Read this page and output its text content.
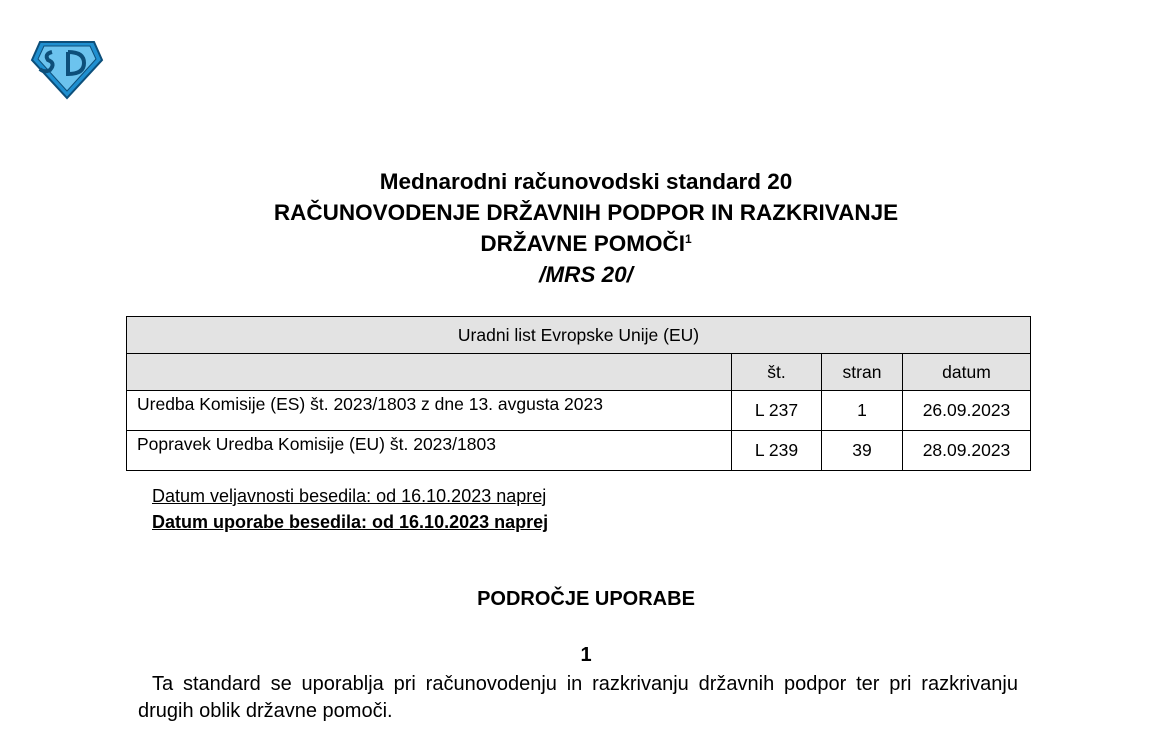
Mednarodni računovodski standard 20
RAČUNOVODENJE DRŽAVNIH PODPOR IN RAZKRIVANJE
DRŽAVNE POMOČI$^1$
/MRS 20/
Uradni list Evropske Unije (EU)			
	št.	stran	datum
Uredba Komisije (ES) št. 2023/1803 z dne 13. avgusta 2023	L 237	1	26.09.2023
Popravek Uredba Komisije (EU) št. 2023/1803	L 239	39	28.09.2023
Datum veljavnosti besedila: od 16.10.2023 naprej
Datum uporabe besedila: od 16.10.2023 naprej
PODROČJE UPORABE
1
Ta standard se uporablja pri računovodenju in razkrivanju državnih podpor ter pri razkrivanju drugih oblik državne pomoči.
